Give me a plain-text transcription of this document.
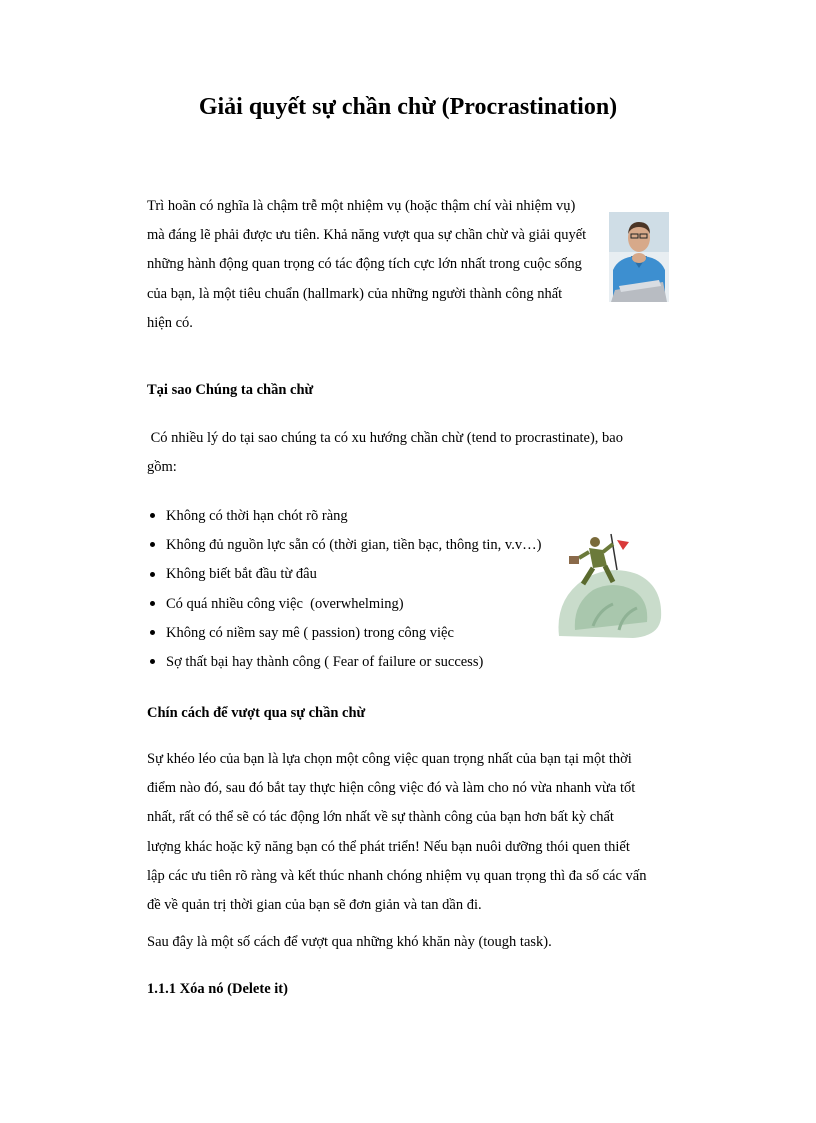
Giải quyết sự chần chừ (Procrastination)
Trì hoãn có nghĩa là chậm trễ một nhiệm vụ (hoặc thậm chí vài nhiệm vụ)
mà đáng lẽ phải được ưu tiên. Khả năng vượt qua sự chần chừ và giải quyết
những hành động quan trọng có tác động tích cực lớn nhất trong cuộc sống
của bạn, là một tiêu chuẩn (hallmark) của những người thành công nhất
hiện có.
Tại sao Chúng ta chần chừ
Có nhiều lý do tại sao chúng ta có xu hướng chần chừ (tend to procrastinate), bao
gồm:
Không có thời hạn chót rõ ràng
Không đủ nguồn lực sẵn có (thời gian, tiền bạc, thông tin, v.v…)
Không biết bắt đầu từ đâu
Có quá nhiều công việc  (overwhelming)
Không có niềm say mê ( passion) trong công việc
Sợ thất bại hay thành công ( Fear of failure or success)
Chín cách để vượt qua sự chần chừ
Sự khéo léo của bạn là lựa chọn một công việc quan trọng nhất của bạn tại một thời
điểm nào đó, sau đó bắt tay thực hiện công việc đó và làm cho nó vừa nhanh vừa tốt
nhất, rất có thể sẽ có tác động lớn nhất về sự thành công của bạn hơn bất kỳ chất
lượng khác hoặc kỹ năng bạn có thể phát triển! Nếu bạn nuôi dưỡng thói quen thiết
lập các ưu tiên rõ ràng và kết thúc nhanh chóng nhiệm vụ quan trọng thì đa số các vấn
đề về quản trị thời gian của bạn sẽ đơn giản và tan dần đi.

Sau đây là một số cách để vượt qua những khó khăn này (tough task).

1.1.1 Xóa nó (Delete it)
